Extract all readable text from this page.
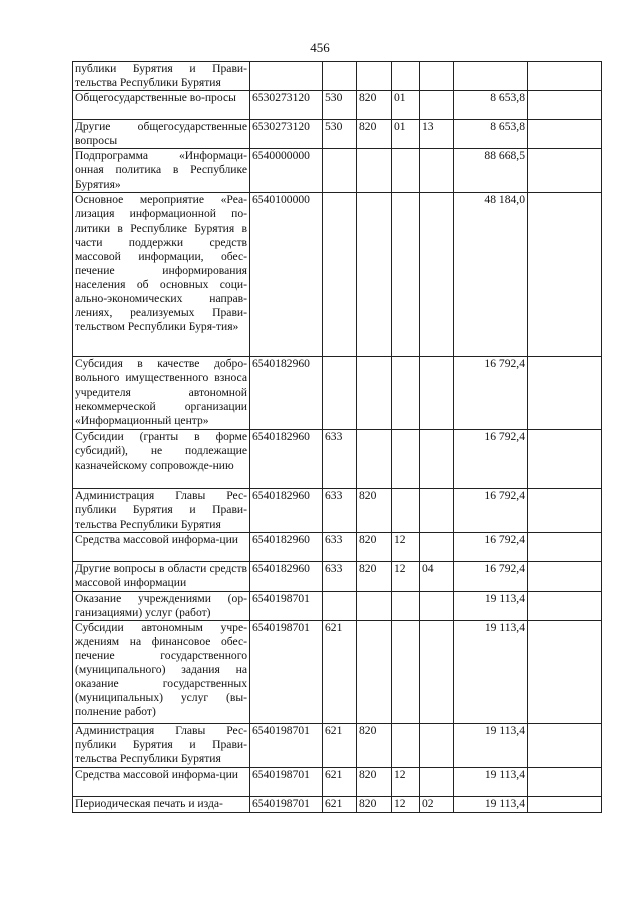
456
публики Бурятия и Прави-тельства Республики Бурятия							
Общегосударственные во-просы	6530273120	530	820	01		8 653,8	
Другие общегосударственные вопросы	6530273120	530	820	01	13	8 653,8	
Подпрограмма «Информаци-онная политика в Республике Бурятия»	6540000000					88 668,5	
Основное мероприятие «Реа-лизация информационной по-литики в Республике Бурятия в части поддержки средств массовой информации, обес-печение информирования населения об основных соци-ально-экономических направ-лениях, реализуемых Прави-тельством Республики Буря-тия»	6540100000					48 184,0	
Субсидия в качестве добро-вольного имущественного взноса учредителя автономной некоммерческой организации «Информационный центр»	6540182960					16 792,4	
Субсидии (гранты в форме субсидий), не подлежащие казначейскому сопровожде-нию	6540182960	633				16 792,4	
Администрация Главы Рес-публики Бурятия и Прави-тельства Республики Бурятия	6540182960	633	820			16 792,4	
Средства массовой информа-ции	6540182960	633	820	12		16 792,4	
Другие вопросы в области средств массовой информации	6540182960	633	820	12	04	16 792,4	
Оказание учреждениями (ор-ганизациями) услуг (работ)	6540198701					19 113,4	
Субсидии автономным учре-ждениям на финансовое обес-печение государственного (муниципального) задания на оказание государственных (муниципальных) услуг (вы-полнение работ)	6540198701	621				19 113,4	
Администрация Главы Рес-публики Бурятия и Прави-тельства Республики Бурятия	6540198701	621	820			19 113,4	
Средства массовой информа-ции	6540198701	621	820	12		19 113,4	
Периодическая печать и изда-	6540198701	621	820	12	02	19 113,4	
